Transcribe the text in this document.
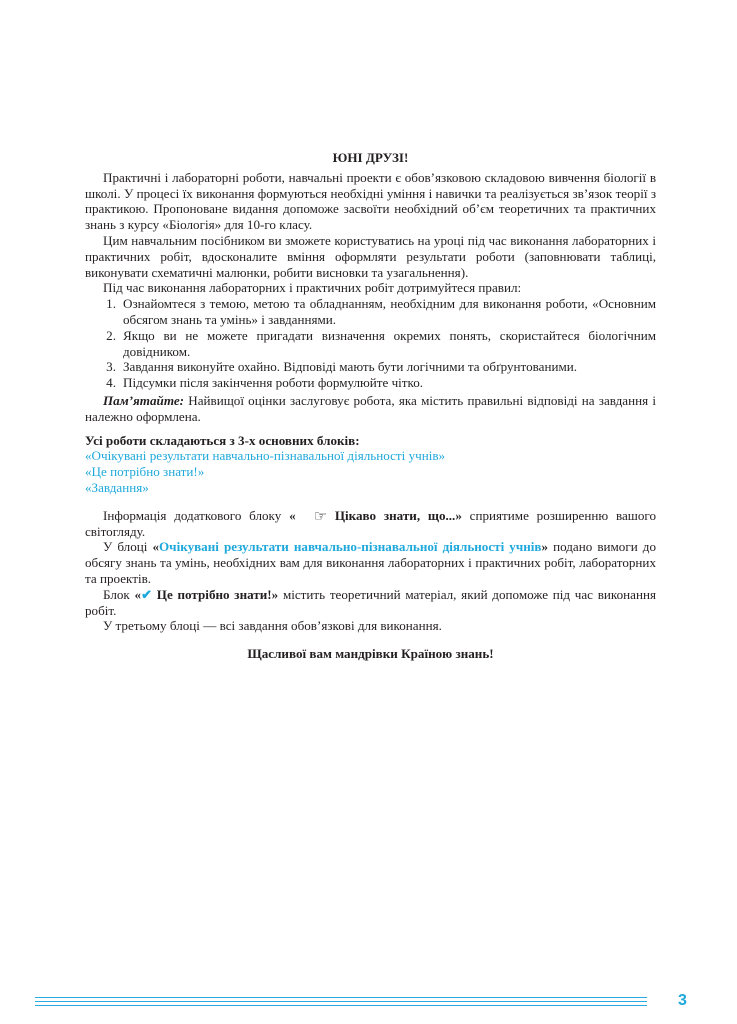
ЮНІ ДРУЗІ!

Практичні і лабораторні роботи, навчальні проекти є обов’язковою складовою вивчення біології в школі. У процесі їх виконання формуються необхідні уміння і навички та реалізується зв’язок теорії з практикою. Пропоноване видання допоможе засвоїти необхідний об’єм теоретичних та практичних знань з курсу «Біологія» для 10-го класу.

Цим навчальним посібником ви зможете користуватись на уроці під час виконання лабораторних і практичних робіт, вдосконалите вміння оформляти результати роботи (заповнювати таблиці, виконувати схематичні малюнки, робити висновки та узагальнення).

Під час виконання лабораторних і практичних робіт дотримуйтеся правил:

1. Ознайомтеся з темою, метою та обладнанням, необхідним для виконання роботи, «Основним обсягом знань та умінь» і завданнями.
2. Якщо ви не можете пригадати визначення окремих понять, скористайтеся біологічним довідником.
3. Завдання виконуйте охайно. Відповіді мають бути логічними та обґрунтованими.
4. Підсумки після закінчення роботи формулюйте чітко.

Пам’ятайте: Найвищої оцінки заслуговує робота, яка містить правильні відповіді на завдання і належно оформлена.

Усі роботи складаються з 3-х основних блоків:
«Очікувані результати навчально-пізнавальної діяльності учнів»
«Це потрібно знати!»
«Завдання»

Інформація додаткового блоку « ☞ Цікаво знати, що...» сприятиме розширенню вашого світогляду.

У блоці «Очікувані результати навчально-пізнавальної діяльності учнів» подано вимоги до обсягу знань та умінь, необхідних вам для виконання лабораторних і практичних робіт, лабораторних та проектів.

Блок «✔ Це потрібно знати!» містить теоретичний матеріал, який допоможе під час виконання робіт.

У третьому блоці — всі завдання обов’язкові для виконання.

Щасливої вам мандрівки Країною знань!
3
